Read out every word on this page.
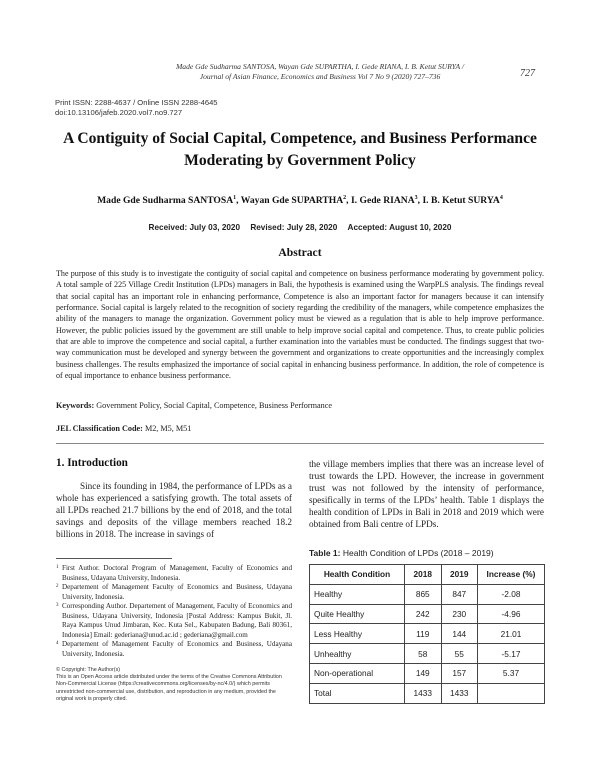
Made Gde Sudharma SANTOSA, Wayan Gde SUPARTHA, I. Gede RIANA, I. B. Ketut SURYA /
Journal of Asian Finance, Economics and Business Vol 7 No 9 (2020) 727–736	727
Print ISSN: 2288-4637 / Online ISSN 2288-4645
doi:10.13106/jafeb.2020.vol7.no9.727
A Contiguity of Social Capital, Competence, and Business Performance
Moderating by Government Policy
Made Gde Sudharma SANTOSA$^1$, Wayan Gde SUPARTHA$^2$, I. Gede RIANA$^3$, I. B. Ketut SURYA$^4$
Received: July 03, 2020 Revised: July 28, 2020 Accepted: August 10, 2020
Abstract
The purpose of this study is to investigate the contiguity of social capital and competence on business performance moderating by government policy. A total sample of 225 Village Credit Institution (LPDs) managers in Bali, the hypothesis is examined using the WarpPLS analysis. The findings reveal that social capital has an important role in enhancing performance, Competence is also an important factor for managers because it can intensify performance. Social capital is largely related to the recognition of society regarding the credibility of the managers, while competence emphasizes the ability of the managers to manage the organization. Government policy must be viewed as a regulation that is able to help improve performance. However, the public policies issued by the government are still unable to help improve social capital and competence. Thus, to create public policies that are able to improve the competence and social capital, a further examination into the variables must be conducted. The findings suggest that two-way communication must be developed and synergy between the government and organizations to create opportunities and the increasingly complex business challenges. The results emphasized the importance of social capital in enhancing business performance. In addition, the role of competence is of equal importance to enhance business performance.
Keywords: Government Policy, Social Capital, Competence, Business Performance
JEL Classification Code: M2, M5, M51
1. Introduction
Since its founding in 1984, the performance of LPDs as a whole has experienced a satisfying growth. The total assets of all LPDs reached 21.7 billions by the end of 2018, and the total savings and deposits of the village members reached 18.2 billions in 2018. The increase in savings of
the village members implies that there was an increase level of trust towards the LPD. However, the increase in government trust was not followed by the intensity of performance, spesifically in terms of the LPDs’ health. Table 1 displays the health condition of LPDs in Bali in 2018 and 2019 which were obtained from Bali centre of LPDs.
1 First Author. Doctoral Program of Management, Faculty of Economics and Business, Udayana University, Indonesia.
2 Departement of Management Faculty of Economics and Business, Udayana University, Indonesia.
3 Corresponding Author. Departement of Management, Faculty of Economics and Business, Udayana University, Indonesia [Postal Address: Kampus Bukit, Jl. Raya Kampus Unud Jimbaran, Kec. Kuta Sel., Kabupaten Badung, Bali 80361, Indonesia] Email: gederiana@unud.ac.id ; gederiana@gmail.com
4 Departement of Management Faculty of Economics and Business, Udayana University, Indonesia.
© Copyright: The Author(s)
This is an Open Access article distributed under the terms of the Creative Commons Attribution Non-Commercial License (https://creativecommons.org/licenses/by-nc/4.0/) which permits unrestricted non-commercial use, distribution, and reproduction in any medium, provided the original work is properly cited.
Table 1: Health Condition of LPDs (2018 – 2019)
Health Condition	2018	2019	Increase (%)
Healthy	865	847	-2.08
Quite Healthy	242	230	-4.96
Less Healthy	119	144	21.01
Unhealthy	58	55	-5.17
Non-operational	149	157	5.37
Total	1433	1433	
